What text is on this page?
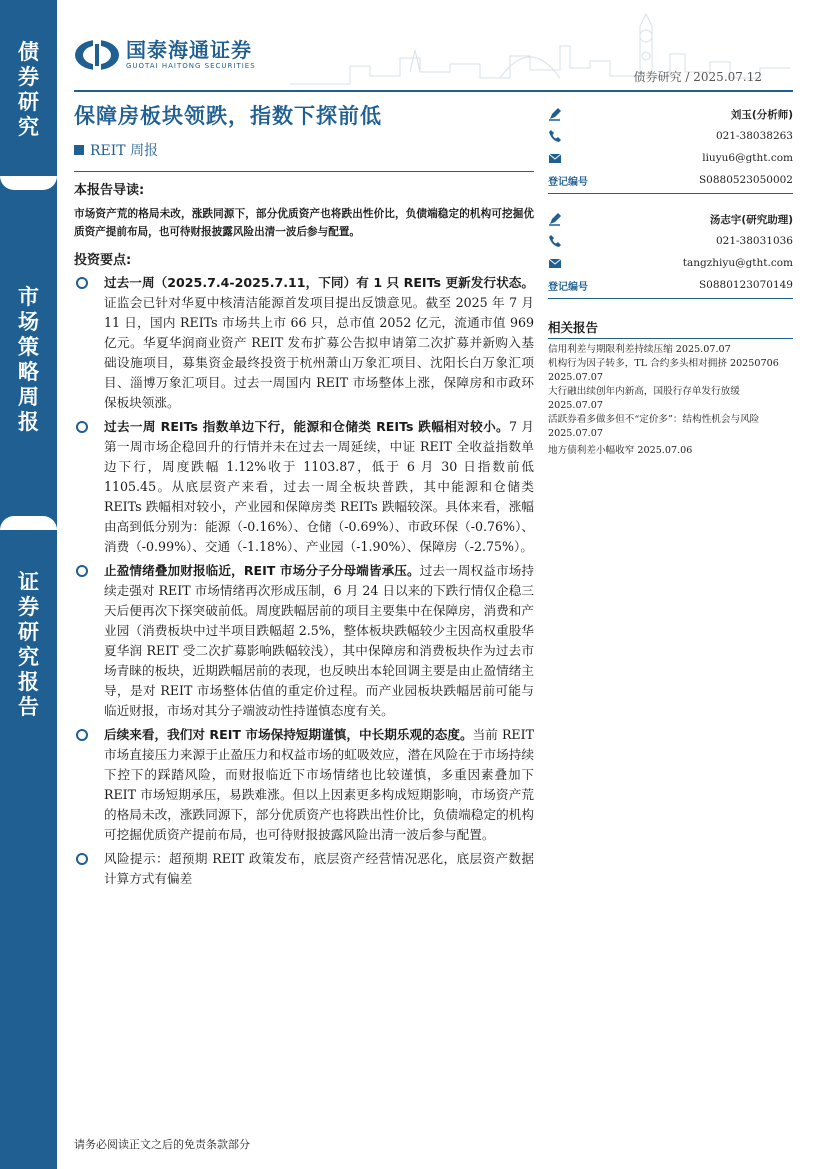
债
券
研
究
市
场
策
略
周
报
证
券
研
究
报
告
国泰海通证券
GUOTAI HAITONG SECURITIES
债券研究 / 2025.07.12
保障房板块领跌，指数下探前低
REIT 周报
本报告导读:
市场资产荒的格局未改，涨跌同源下，部分优质资产也将跌出性价比，负债端稳定的机构可挖掘优质资产提前布局，也可待财报披露风险出清一波后参与配置。
投资要点:
过去一周（2025.7.4-2025.7.11，下同）有 1 只 REITs 更新发行状态。证监会已针对华夏中核清洁能源首发项目提出反馈意见。截至 2025 年 7 月 11 日，国内 REITs 市场共上市 66 只，总市值 2052 亿元，流通市值 969 亿元。华夏华润商业资产 REIT 发布扩募公告拟申请第二次扩募并新购入基础设施项目，募集资金最终投资于杭州萧山万象汇项目、沈阳长白万象汇项目、淄博万象汇项目。过去一周国内 REIT 市场整体上涨，保障房和市政环保板块领涨。
过去一周 REITs 指数单边下行，能源和仓储类 REITs 跌幅相对较小。7 月第一周市场企稳回升的行情并未在过去一周延续，中证 REIT 全收益指数单边下行，周度跌幅 1.12%收于 1103.87，低于 6 月 30 日指数前低 1105.45。从底层资产来看，过去一周全板块普跌，其中能源和仓储类 REITs 跌幅相对较小，产业园和保障房类 REITs 跌幅较深。具体来看，涨幅由高到低分别为：能源（-0.16%）、仓储（-0.69%）、市政环保（-0.76%）、消费（-0.99%）、交通（-1.18%）、产业园（-1.90%）、保障房（-2.75%）。
止盈情绪叠加财报临近，REIT 市场分子分母端皆承压。过去一周权益市场持续走强对 REIT 市场情绪再次形成压制，6 月 24 日以来的下跌行情仅企稳三天后便再次下探突破前低。周度跌幅居前的项目主要集中在保障房，消费和产业园（消费板块中过半项目跌幅超 2.5%，整体板块跌幅较少主因高权重股华夏华润 REIT 受二次扩募影响跌幅较浅），其中保障房和消费板块作为过去市场青睐的板块，近期跌幅居前的表现，也反映出本轮回调主要是由止盈情绪主导，是对 REIT 市场整体估值的重定价过程。而产业园板块跌幅居前可能与临近财报，市场对其分子端波动性持谨慎态度有关。
后续来看，我们对 REIT 市场保持短期谨慎，中长期乐观的态度。当前 REIT 市场直接压力来源于止盈压力和权益市场的虹吸效应，潜在风险在于市场持续下控下的踩踏风险，而财报临近下市场情绪也比较谨慎，多重因素叠加下 REIT 市场短期承压，易跌难涨。但以上因素更多构成短期影响，市场资产荒的格局未改，涨跌同源下，部分优质资产也将跌出性价比，负债端稳定的机构可挖掘优质资产提前布局，也可待财报披露风险出清一波后参与配置。
风险提示：超预期 REIT 政策发布，底层资产经营情况恶化，底层资产数据计算方式有偏差
刘玉(分析师)
021-38038263
liuyu6@gtht.com
登记编号	S0880523050002
汤志宇(研究助理)
021-38031036
tangzhiyu@gtht.com
登记编号	S0880123070149
相关报告
信用利差与期限利差持续压缩 2025.07.07
机构行为因子转多，TL 合约多头相对拥挤 20250706 2025.07.07
大行融出续创年内新高，国股行存单发行放缓 2025.07.07
活跃券看多做多但不“定价多”：结构性机会与风险 2025.07.07
地方债利差小幅收窄 2025.07.06
请务必阅读正文之后的免责条款部分
